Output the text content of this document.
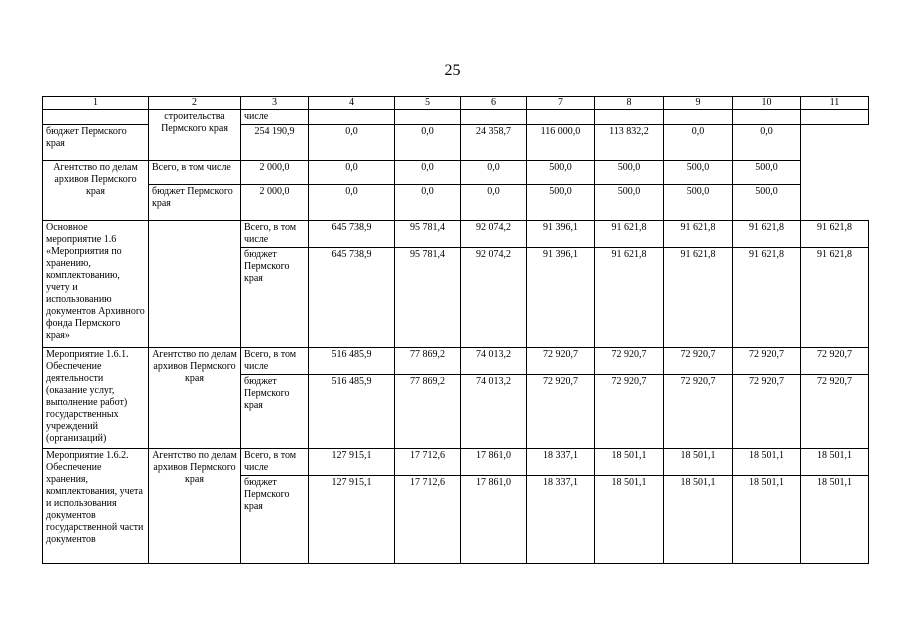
25
1	2	3	4	5	6	7	8	9	10	11
	строительства Пермского края	числе								
бюджет Пермского края		254 190,9	0,0	0,0	24 358,7	116 000,0	113 832,2	0,0	0,0	
Агентство по делам архивов Пермского края	Всего, в том числе	2 000,0	0,0	0,0	0,0	500,0	500,0	500,0	500,0	
	бюджет Пермского края	2 000,0	0,0	0,0	0,0	500,0	500,0	500,0	500,0	
Основное мероприятие 1.6 «Мероприятия по хранению, комплектованию, учету и использованию документов Архивного фонда Пермского края»		Всего, в том числе	645 738,9	95 781,4	92 074,2	91 396,1	91 621,8	91 621,8	91 621,8	91 621,8
		бюджет Пермского края	645 738,9	95 781,4	92 074,2	91 396,1	91 621,8	91 621,8	91 621,8	91 621,8
Мероприятие 1.6.1. Обеспечение деятельности (оказание услуг, выполнение работ) государственных учреждений (организаций)	Агентство по делам архивов Пермского края	Всего, в том числе	516 485,9	77 869,2	74 013,2	72 920,7	72 920,7	72 920,7	72 920,7	72 920,7
		бюджет Пермского края	516 485,9	77 869,2	74 013,2	72 920,7	72 920,7	72 920,7	72 920,7	72 920,7
Мероприятие 1.6.2. Обеспечение хранения, комплектования, учета и использования документов государственной части документов	Агентство по делам архивов Пермского края	Всего, в том числе	127 915,1	17 712,6	17 861,0	18 337,1	18 501,1	18 501,1	18 501,1	18 501,1
		бюджет Пермского края	127 915,1	17 712,6	17 861,0	18 337,1	18 501,1	18 501,1	18 501,1	18 501,1
